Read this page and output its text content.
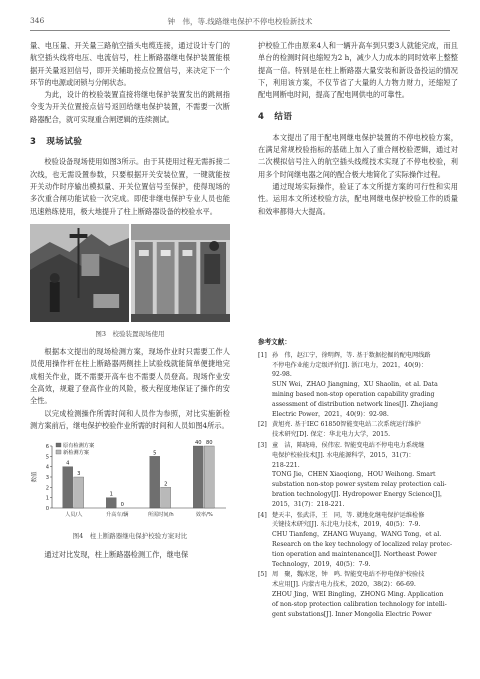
346	钟　伟，等.线路继电保护不停电校验新技术

量、电压量、开关量三路航空插头电缆连接，通过设计专门的航空插头线将电压、电流信号，柱上断路器继电保护装置能根据开关量返回信号，即开关辅助接点位置信号，来决定下一个环节的电源或闭锁与分闸状态。

为此，设计的校验装置直接将继电保护装置发出的跳闸指令变为开关位置接点信号返回给继电保护装置，不需要一次断路器配合，就可实现重合闸逻辑的连续测试。

3 现场试验

校验设备现场使用如图3所示。由于其使用过程无需拆接二次线，也无需设置参数，只要根据开关安装位置，一键就能按开关动作时序输出模拟量、开关位置信号至保护，使得现场的多次重合闸功能试验一次完成。即使非继电保护专业人员也能迅速熟练使用，极大地提升了柱上断路器设备的校验水平。

图3　校验装置现场使用

根据本文提出的现场检测方案，现场作业时只需要工作人员使用操作杆在柱上断路器两侧挂上试验线就能简单便捷地完成相关作业，既不需要开高车也不需要人员登高。现场作业安全高效，规避了登高作业的风险，极大程度地保证了操作的安全性。

以完成检测操作所需时间和人员作为参照，对比实施新检测方案前后，继电保护校验作业所需的时间和人员如图4所示。

0
1
2
3
4
5
6
数值
4
3
人员/人
1
0
升高车/辆
5
2
所需时间/h
40 80
效率/%
原有检测方案
新检测方案
图4　柱上断路器继电保护校验方案对比

通过对比发现，柱上断路器检测工作，继电保

护校验工作由原来4人和一辆升高车到只要3人就能完成，而且单台的检测时间也缩短为2 h，减少人力成本的同时效率上整整提高一倍。特别是在柱上断路器大量安装和新设备投运的情况下，利用该方案，不仅节省了大量的人力物力财力，还缩短了配电网断电时间，提高了配电网供电的可靠性。

4 结语

本文提出了用于配电网继电保护装置的不停电校验方案，在满足常规校验指标的基础上加入了重合闸校验逻辑，通过对二次模拟信号注入的航空插头线缆技术实现了不停电校验，利用多个时间继电器之间的配合极大地简化了实际操作过程。

通过现场实际操作，验证了本文所提方案的可行性和实用性。运用本文所述校验方法，配电网继电保护校验工作的质量和效率都得大大提高。

参考文献：
[1] 孙　伟，赵江宁，徐明辉，等. 基于数据挖掘的配电网线路
不停电作业能力定级评价[J]. 浙江电力，2021，40(9)：
92-98.
SUN Wei，ZHAO Jiangning，XU Shaolin，et al. Data
mining based non-stop operation capability grading
assessment of distribution network lines[J]. Zhejiang
Electric Power，2021，40(9)：92-98.
[2] 黄旭亮. 基于IEC 61850智能变电站二次系统运行维护
技术研究[D]. 保定：华北电力大学，2015.
[3] 童　洁，陈晓琦，侯伟宏. 智能变电站不停电电力系统继
电保护校验技术[J]. 水电能源科学，2015，31(7)：
218-221.
TONG Jie，CHEN Xiaoqiong，HOU Weihong. Smart
substation non-stop power system relay protection cali-
bration technology[J]. Hydropower Energy Science[J]，
2015，31(7)：218-221.
[4] 楚天丰，张武洋，王　同，等. 就地化继电保护运维检修
关键技术研究[J]. 东北电力技术，2019，40(5)：7-9.
CHU Tianfeng，ZHANG Wuyang，WANG Tong，et al.
Research on the key technology of localized relay protec-
tion operation and maintenance[J]. Northeast Power
Technology，2019，40(5)：7-9.
[5] 周　聚，魏冰迷，钟　鸣. 智能变电站不停电保护校验技
术应用[J]. 内蒙古电力技术，2020，38(2)：66-69.
ZHOU Jing，WEI Bingling，ZHONG Ming. Application
of non-stop protection calibration technology for intelli-
gent substations[J]. Inner Mongolia Electric Power
